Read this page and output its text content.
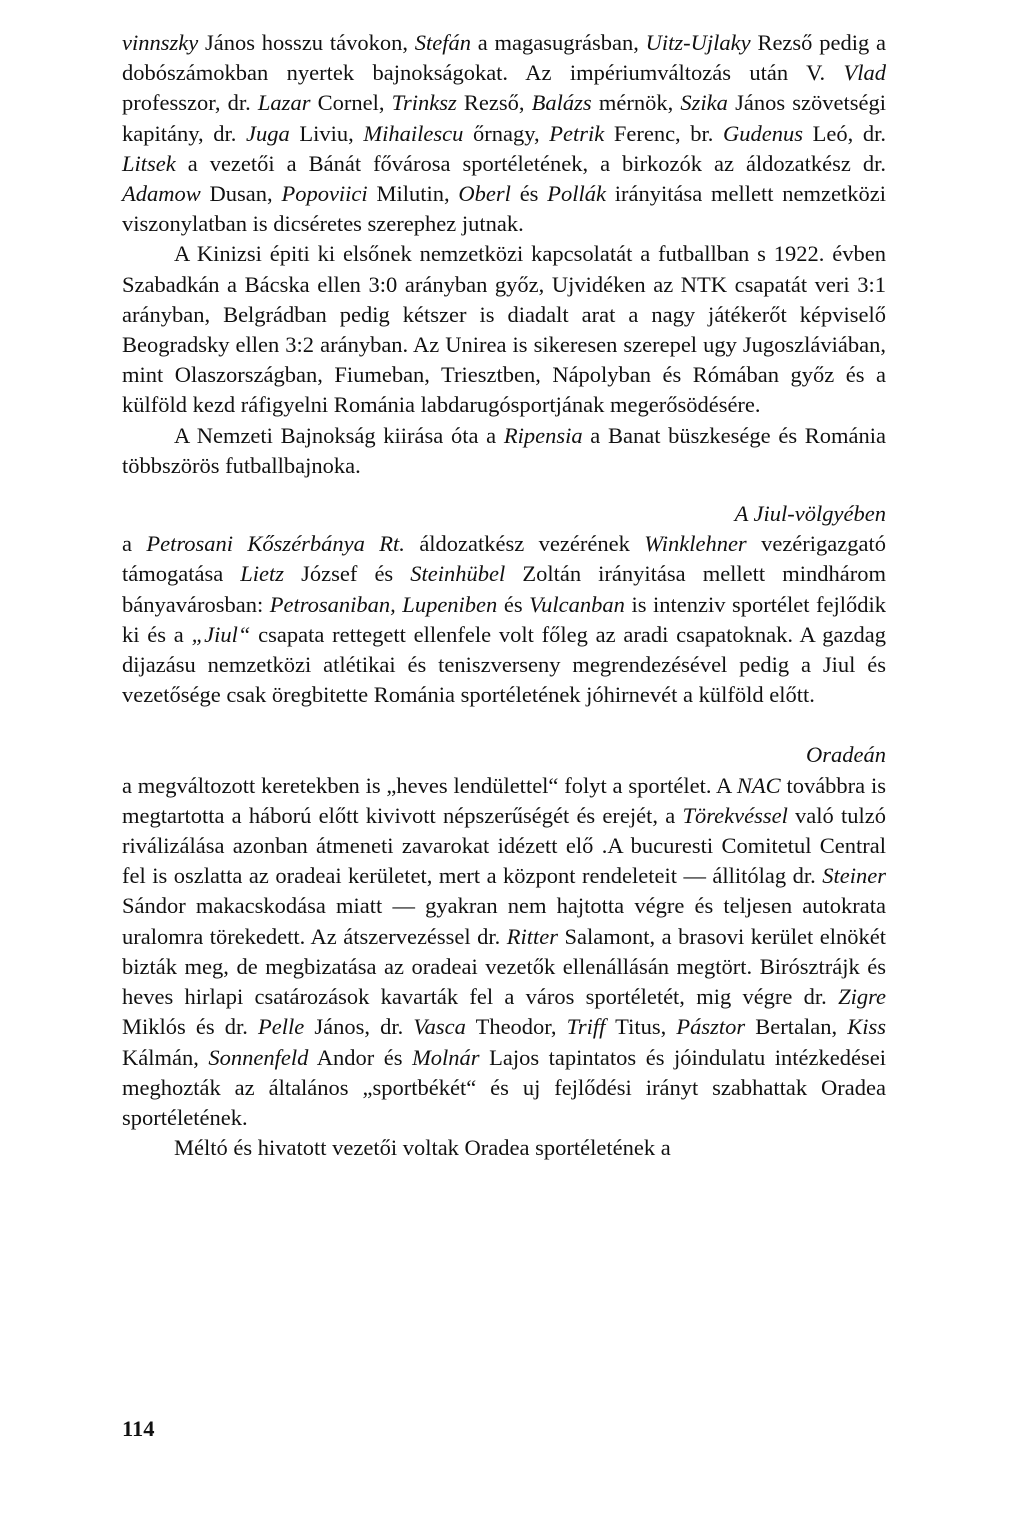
vinnszky János hosszu távokon, Stefán a magasugrásban, Uitz-Ujlaky Rezső pedig a dobószámokban nyertek bajnokságokat. Az impériumváltozás után V. Vlad professzor, dr. Lazar Cornel, Trinksz Rezső, Balázs mérnök, Szika János szövetségi kapitány, dr. Juga Liviu, Mihailescu őrnagy, Petrik Ferenc, br. Gudenus Leó, dr. Litsek a vezetői a Bánát fővárosa sportéletének, a birkozók az áldozatkész dr. Adamow Dusan, Popoviici Milutin, Oberl és Pollák irányitása mellett nemzetközi viszonylatban is dicséretes szerephez jutnak.

A Kinizsi épiti ki elsőnek nemzetközi kapcsolatát a futballban s 1922. évben Szabadkán a Bácska ellen 3:0 arányban győz, Ujvidéken az NTK csapatát veri 3:1 arányban, Belgrádban pedig kétszer is diadalt arat a nagy játékerőt képviselő Beogradsky ellen 3:2 arányban. Az Unirea is sikeresen szerepel ugy Jugoszláviában, mint Olaszországban, Fiumeban, Triesztben, Nápolyban és Rómában győz és a külföld kezd ráfigyelni Románia labdarugósportjának megerősödésére.

A Nemzeti Bajnokság kiirása óta a Ripensia a Banat büszkesége és Románia többszörös futballbajnoka.

A Jiul-völgyében

a Petrosani Kőszérbánya Rt. áldozatkész vezérének Winklehner vezérigazgató támogatása Lietz József és Steinhübel Zoltán irányitása mellett mindhárom bányavárosban: Petrosaniban, Lupeniben és Vulcanban is intenziv sportélet fejlődik ki és a „Jiul“ csapata rettegett ellenfele volt főleg az aradi csapatoknak. A gazdag dijazásu nemzetközi atlétikai és teniszverseny megrendezésével pedig a Jiul és vezetősége csak öregbitette Románia sportéletének jóhirnevét a külföld előtt.

Oradeán

a megváltozott keretekben is „heves lendülettel“ folyt a sportélet. A NAC továbbra is megtartotta a háború előtt kivivott népszerűségét és erejét, a Törekvéssel való tulzó riválizálása azonban átmeneti zavarokat idézett elő .A bucuresti Comitetul Central fel is oszlatta az oradeai kerületet, mert a központ rendeleteit — állitólag dr. Steiner Sándor makacskodása miatt — gyakran nem hajtotta végre és teljesen autokrata uralomra törekedett. Az átszervezéssel dr. Ritter Salamont, a brasovi kerület elnökét bizták meg, de megbizatása az oradeai vezetők ellenállásán megtört. Birósztrájk és heves hirlapi csatározások kavarták fel a város sportéletét, mig végre dr. Zigre Miklós és dr. Pelle János, dr. Vasca Theodor, Triff Titus, Pásztor Bertalan, Kiss Kálmán, Sonnenfeld Andor és Molnár Lajos tapintatos és jóindulatu intézkedései meghozták az általános „sportbékét“ és uj fejlődési irányt szabhattak Oradea sportéletének.

Méltó és hivatott vezetői voltak Oradea sportéletének a

114
